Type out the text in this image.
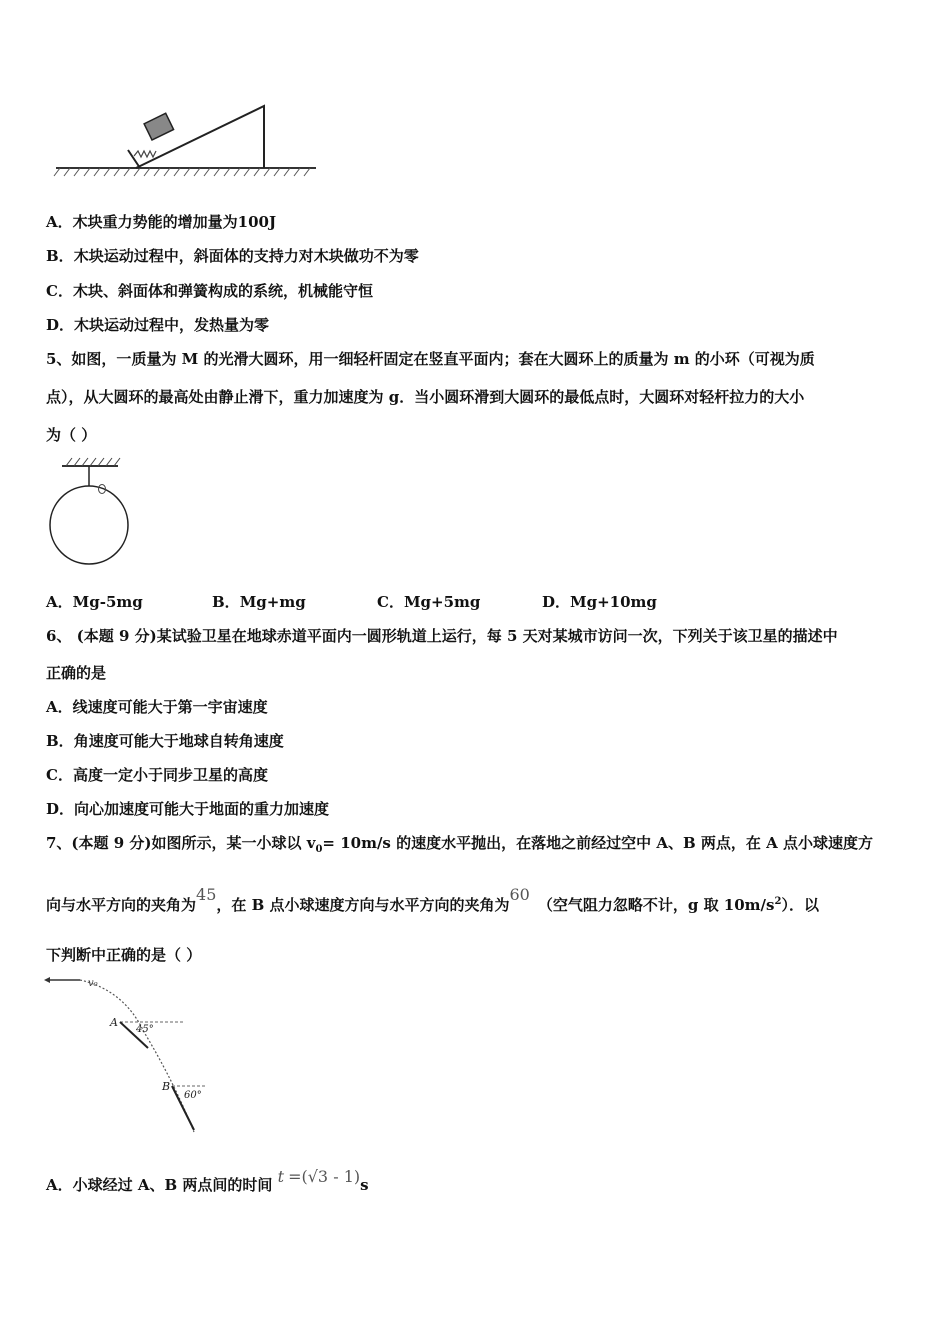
A．木块重力势能的增加量为100J
B．木块运动过程中，斜面体的支持力对木块做功不为零
C．木块、斜面体和弹簧构成的系统，机械能守恒
D．木块运动过程中，发热量为零
5、如图，一质量为 M 的光滑大圆环，用一细轻杆固定在竖直平面内；套在大圆环上的质量为 m 的小环（可视为质
点），从大圆环的最高处由静止滑下，重力加速度为 g．当小圆环滑到大圆环的最低点时，大圆环对轻杆拉力的大小
为（ ）
A．Mg-5mg	B．Mg+mg	C．Mg+5mg	D．Mg+10mg
6、 (本题 9 分)某试验卫星在地球赤道平面内一圆形轨道上运行，每 5 天对某城市访问一次，下列关于该卫星的描述中
正确的是
A．线速度可能大于第一宇宙速度
B．角速度可能大于地球自转角速度
C．高度一定小于同步卫星的高度
D．向心加速度可能大于地面的重力加速度
7、(本题 9 分)如图所示，某一小球以 $v_0= 10m/s$ 的速度水平抛出，在落地之前经过空中 A、B 两点，在 A 点小球速度方
向与水平方向的夹角为45，在 B 点小球速度方向与水平方向的夹角为60（空气阻力忽略不计，g 取 $10m/s^2$）．以
下判断中正确的是（ ）
v₀
A
45°
B
60°
A．小球经过 A、B 两点间的时间 t =(√3 - 1)s
